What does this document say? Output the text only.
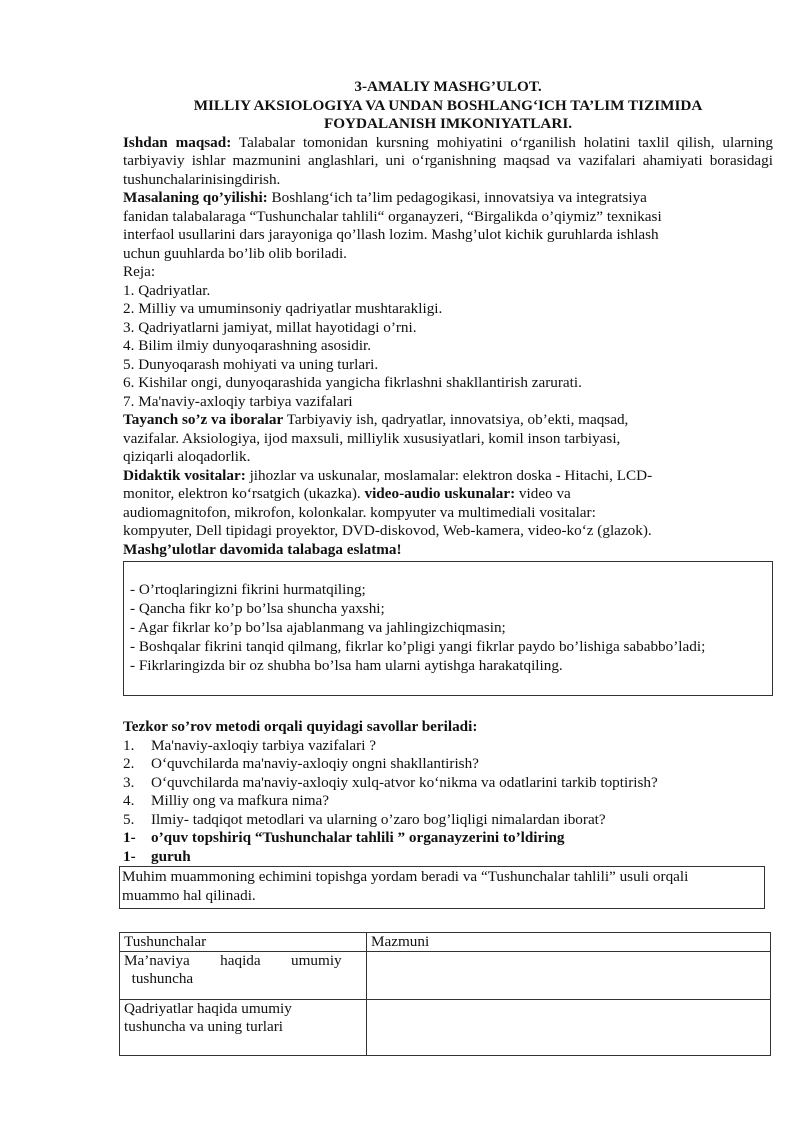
3-AMALIY MASHG’ULOT.

MILLIY AKSIOLOGIYA VA UNDAN BOSHLANG‘ICH TA’LIM TIZIMIDA

FOYDALANISH IMKONIYATLARI.

Ishdan maqsad: Talabalar tomonidan kursning mohiyatini o‘rganilish holatini taxlil qilish, ularning tarbiyaviy ishlar mazmunini anglashlari, uni o‘rganishning maqsad va vazifalari ahamiyati borasidagi tushunchalarinisingdirish.

Masalaning qo’yilishi: Boshlang‘ich ta’lim pedagogikasi, innovatsiya va integratsiya
fanidan talabalaraga “Tushunchalar tahlili“ organayzeri, “Birgalikda o’qiymiz” texnikasi
interfaol usullarini dars jarayoniga qo’llash lozim. Mashg’ulot kichik guruhlarda ishlash
uchun guuhlarda bo’lib olib boriladi.
Reja:
1. Qadriyatlar.
2. Milliy va umuminsoniy qadriyatlar mushtarakligi.
3. Qadriyatlarni jamiyat, millat hayotidagi o’rni.
4. Bilim ilmiy dunyoqarashning asosidir.
5. Dunyoqarash mohiyati va uning turlari.
6. Kishilar ongi, dunyoqarashida yangicha fikrlashni shakllantirish zarurati.
7. Ma'naviy-axloqiy tarbiya vazifalari
Tayanch so’z va iboralar Tarbiyaviy ish, qadryatlar, innovatsiya, ob’ekti, maqsad,
vazifalar. Aksiologiya, ijod maxsuli, milliylik xususiyatlari, komil inson tarbiyasi,
qiziqarli aloqadorlik.
Didaktik vositalar: jihozlar va uskunalar, moslamalar: elektron doska - Hitachi, LCD-
monitor, elektron ko‘rsatgich (ukazka). video-audio uskunalar: video va
audiomagnitofon, mikrofon, kolonkalar. kompyuter va multimediali vositalar:
kompyuter, Dell tipidagi proyektor, DVD-diskovod, Web-kamera, video-ko‘z (glazok).
Mashg’ulotlar davomida talabaga eslatma!
- O’rtoqlaringizni fikrini hurmatqiling;
- Qancha fikr ko’p bo’lsa shuncha yaxshi;
- Agar fikrlar ko’p bo’lsa ajablanmang va jahlingizchiqmasin;
- Boshqalar fikrini tanqid qilmang, fikrlar ko’pligi yangi fikrlar paydo bo’lishiga sababbo’ladi;
- Fikrlaringizda bir oz shubha bo’lsa ham ularni aytishga harakatqiling.
Tezkor so’rov metodi orqali quyidagi savollar beriladi:
1.	Ma'naviy-axloqiy tarbiya vazifalari ?
2.	O‘quvchilarda ma'naviy-axloqiy ongni shakllantirish?
3.	O‘quvchilarda ma'naviy-axloqiy xulq-atvor ko‘nikma va odatlarini tarkib toptirish?
4.	Milliy ong va mafkura nima?
5.	Ilmiy- tadqiqot metodlari va ularning o’zaro bog’liqligi nimalardan iborat?
1-	o’quv topshiriq “Tushunchalar tahlili ” organayzerini to’ldiring
1-	guruh
Muhim muammoning echimini topishga yordam beradi va “Tushunchalar tahlili” usuli orqali
muammo hal qilinadi.
Tushunchalar	Mazmuni

Ma’naviya        haqida        umumiy
tushuncha	

Qadriyatlar haqida umumiy
tushuncha va uning turlari	
